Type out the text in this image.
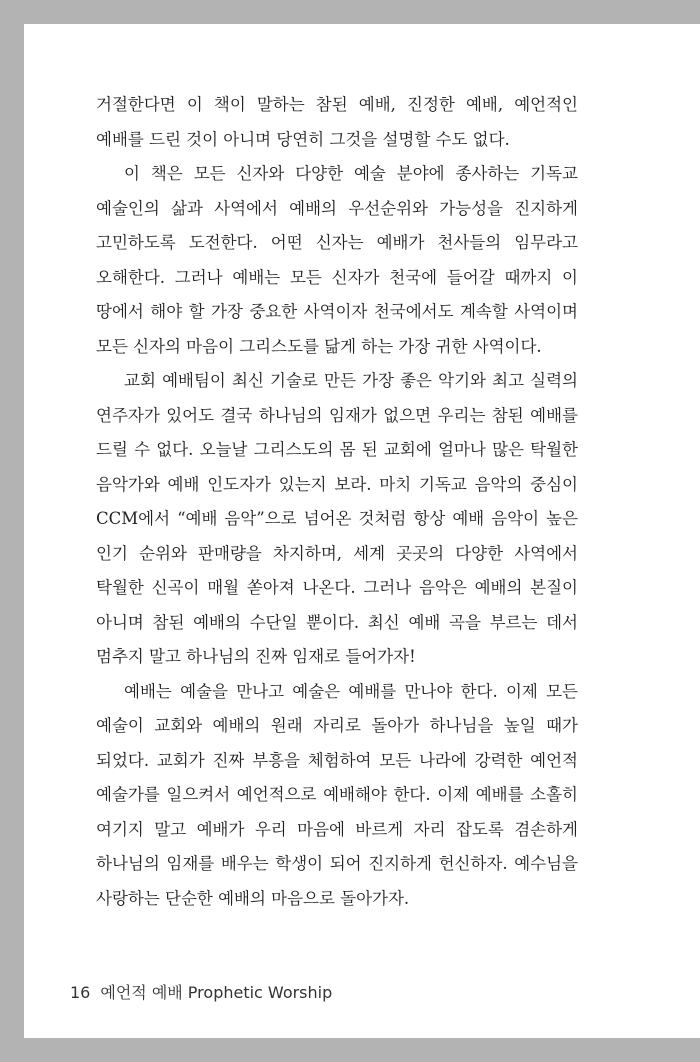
거절한다면 이 책이 말하는 참된 예배, 진정한 예배, 예언적인 예배를 드린 것이 아니며 당연히 그것을 설명할 수도 없다.

이 책은 모든 신자와 다양한 예술 분야에 종사하는 기독교 예술인의 삶과 사역에서 예배의 우선순위와 가능성을 진지하게 고민하도록 도전한다. 어떤 신자는 예배가 천사들의 임무라고 오해한다. 그러나 예배는 모든 신자가 천국에 들어갈 때까지 이 땅에서 해야 할 가장 중요한 사역이자 천국에서도 계속할 사역이며 모든 신자의 마음이 그리스도를 닮게 하는 가장 귀한 사역이다.

교회 예배팀이 최신 기술로 만든 가장 좋은 악기와 최고 실력의 연주자가 있어도 결국 하나님의 임재가 없으면 우리는 참된 예배를 드릴 수 없다. 오늘날 그리스도의 몸 된 교회에 얼마나 많은 탁월한 음악가와 예배 인도자가 있는지 보라. 마치 기독교 음악의 중심이 CCM에서 “예배 음악”으로 넘어온 것처럼 항상 예배 음악이 높은 인기 순위와 판매량을 차지하며, 세계 곳곳의 다양한 사역에서 탁월한 신곡이 매월 쏟아져 나온다. 그러나 음악은 예배의 본질이 아니며 참된 예배의 수단일 뿐이다. 최신 예배 곡을 부르는 데서 멈추지 말고 하나님의 진짜 임재로 들어가자!

예배는 예술을 만나고 예술은 예배를 만나야 한다. 이제 모든 예술이 교회와 예배의 원래 자리로 돌아가 하나님을 높일 때가 되었다. 교회가 진짜 부흥을 체험하여 모든 나라에 강력한 예언적 예술가를 일으켜서 예언적으로 예배해야 한다. 이제 예배를 소홀히 여기지 말고 예배가 우리 마음에 바르게 자리 잡도록 겸손하게 하나님의 임재를 배우는 학생이 되어 진지하게 헌신하자. 예수님을 사랑하는 단순한 예배의 마음으로 돌아가자.

16 예언적 예배 Prophetic Worship
